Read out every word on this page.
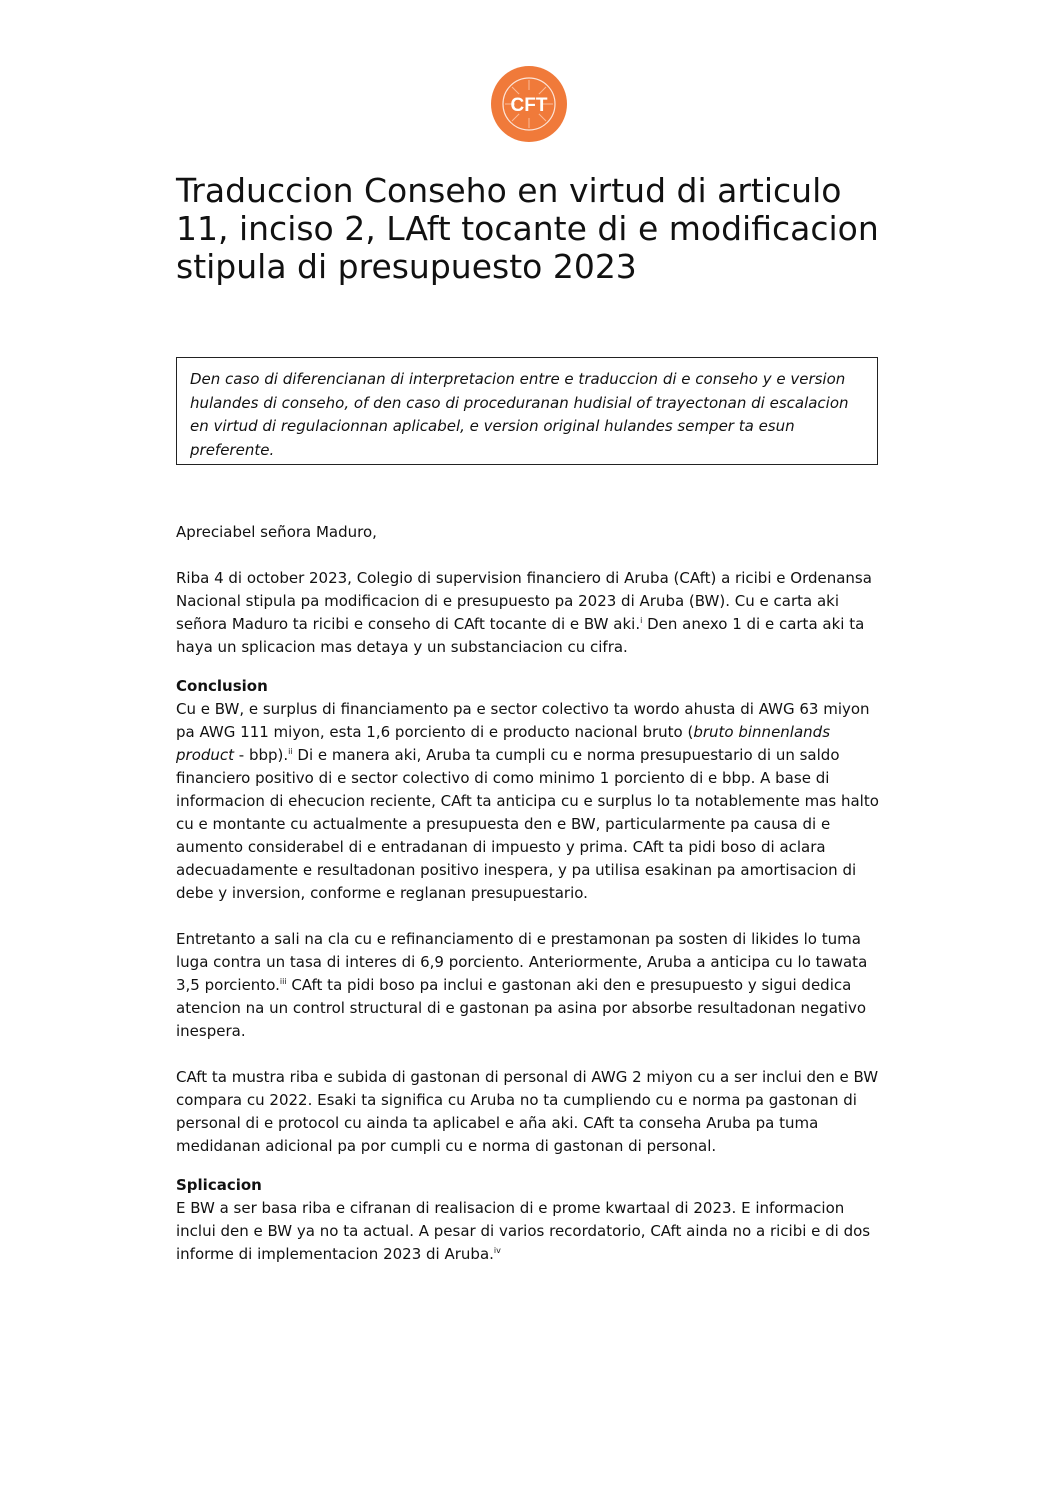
CFT
Traduccion Conseho en virtud di articulo 11, inciso 2, LAft tocante di e modificacion stipula di presupuesto 2023
Den caso di diferencianan di interpretacion entre e traduccion di e conseho y e version hulandes di conseho, of den caso di proceduranan hudisial of trayectonan di escalacion en virtud di regulacionnan aplicabel, e version original hulandes semper ta esun preferente.

Apreciabel señora Maduro,

Riba 4 di october 2023, Colegio di supervision financiero di Aruba (CAft) a ricibi e Ordenansa Nacional stipula pa modificacion di e presupuesto pa 2023 di Aruba (BW). Cu e carta aki señora Maduro ta ricibi e conseho di CAft tocante di e BW aki.$^i$ Den anexo 1 di e carta aki ta haya un splicacion mas detaya y un substanciacion cu cifra.

Conclusion

Cu e BW, e surplus di financiamento pa e sector colectivo ta wordo ahusta di AWG 63 miyon pa AWG 111 miyon, esta 1,6 porciento di e producto nacional bruto (bruto binnenlands product - bbp).$^{ii}$ Di e manera aki, Aruba ta cumpli cu e norma presupuestario di un saldo financiero positivo di e sector colectivo di como minimo 1 porciento di e bbp. A base di informacion di ehecucion reciente, CAft ta anticipa cu e surplus lo ta notablemente mas halto cu e montante cu actualmente a presupuesta den e BW, particularmente pa causa di e aumento considerabel di e entradanan di impuesto y prima. CAft ta pidi boso di aclara adecuadamente e resultadonan positivo inespera, y pa utilisa esakinan pa amortisacion di debe y inversion, conforme e reglanan presupuestario.

Entretanto a sali na cla cu e refinanciamento di e prestamonan pa sosten di likides lo tuma luga contra un tasa di interes di 6,9 porciento. Anteriormente, Aruba a anticipa cu lo tawata 3,5 porciento.$^{iii}$ CAft ta pidi boso pa inclui e gastonan aki den e presupuesto y sigui dedica atencion na un control structural di e gastonan pa asina por absorbe resultadonan negativo inespera.

CAft ta mustra riba e subida di gastonan di personal di AWG 2 miyon cu a ser inclui den e BW compara cu 2022. Esaki ta significa cu Aruba no ta cumpliendo cu e norma pa gastonan di personal di e protocol cu ainda ta aplicabel e aña aki. CAft ta conseha Aruba pa tuma medidanan adicional pa por cumpli cu e norma di gastonan di personal.

Splicacion

E BW a ser basa riba e cifranan di realisacion di e prome kwartaal di 2023. E informacion inclui den e BW ya no ta actual. A pesar di varios recordatorio, CAft ainda no a ricibi e di dos informe di implementacion 2023 di Aruba.$^{iv}$
